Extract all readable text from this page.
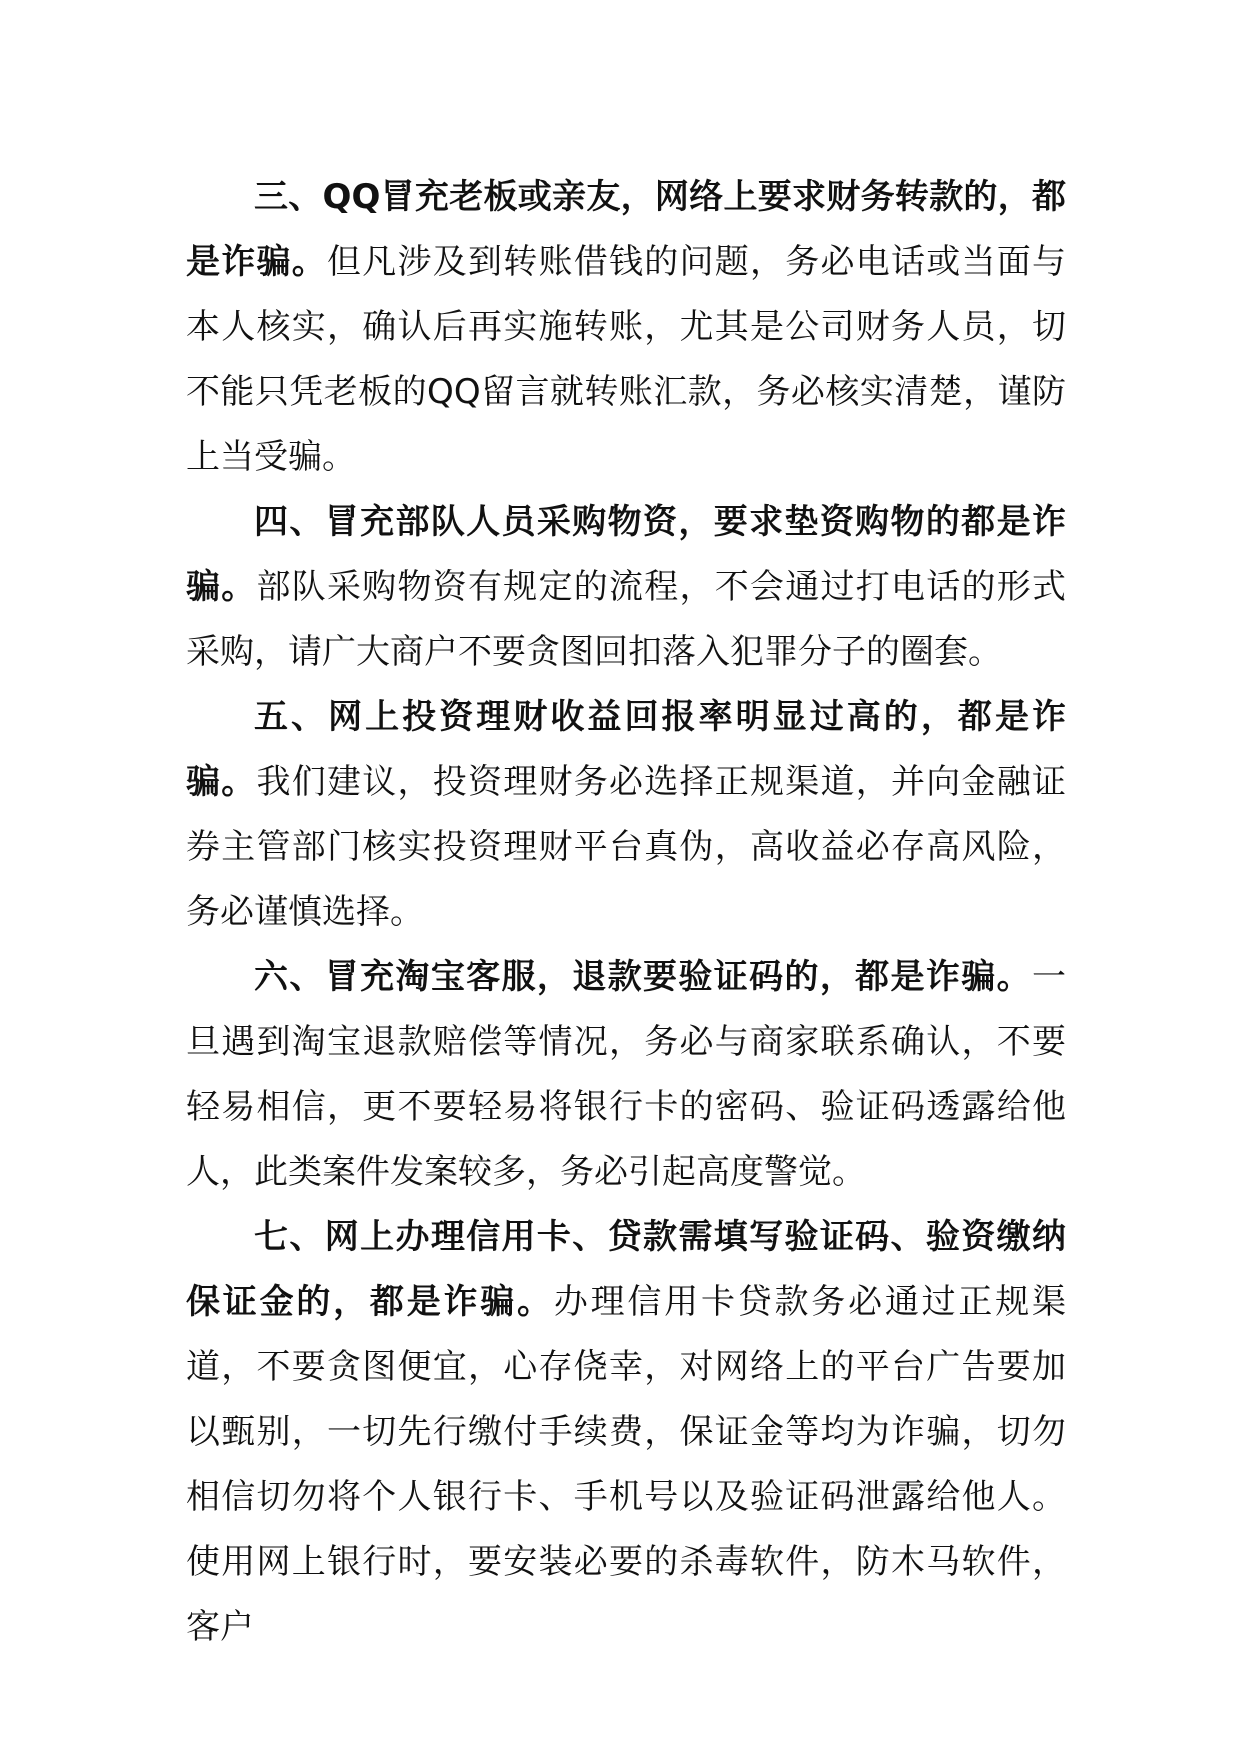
三、QQ冒充老板或亲友，网络上要求财务转款的，都是诈骗。但凡涉及到转账借钱的问题，务必电话或当面与本人核实，确认后再实施转账，尤其是公司财务人员，切不能只凭老板的QQ留言就转账汇款，务必核实清楚，谨防上当受骗。

四、冒充部队人员采购物资，要求垫资购物的都是诈骗。部队采购物资有规定的流程，不会通过打电话的形式采购，请广大商户不要贪图回扣落入犯罪分子的圈套。

五、网上投资理财收益回报率明显过高的，都是诈骗。我们建议，投资理财务必选择正规渠道，并向金融证券主管部门核实投资理财平台真伪，高收益必存高风险，务必谨慎选择。

六、冒充淘宝客服，退款要验证码的，都是诈骗。一旦遇到淘宝退款赔偿等情况，务必与商家联系确认，不要轻易相信，更不要轻易将银行卡的密码、验证码透露给他人，此类案件发案较多，务必引起高度警觉。

七、网上办理信用卡、贷款需填写验证码、验资缴纳保证金的，都是诈骗。办理信用卡贷款务必通过正规渠道，不要贪图便宜，心存侥幸，对网络上的平台广告要加以甄别，一切先行缴付手续费，保证金等均为诈骗，切勿相信切勿将个人银行卡、手机号以及验证码泄露给他人。使用网上银行时，要安装必要的杀毒软件，防木马软件，客户
